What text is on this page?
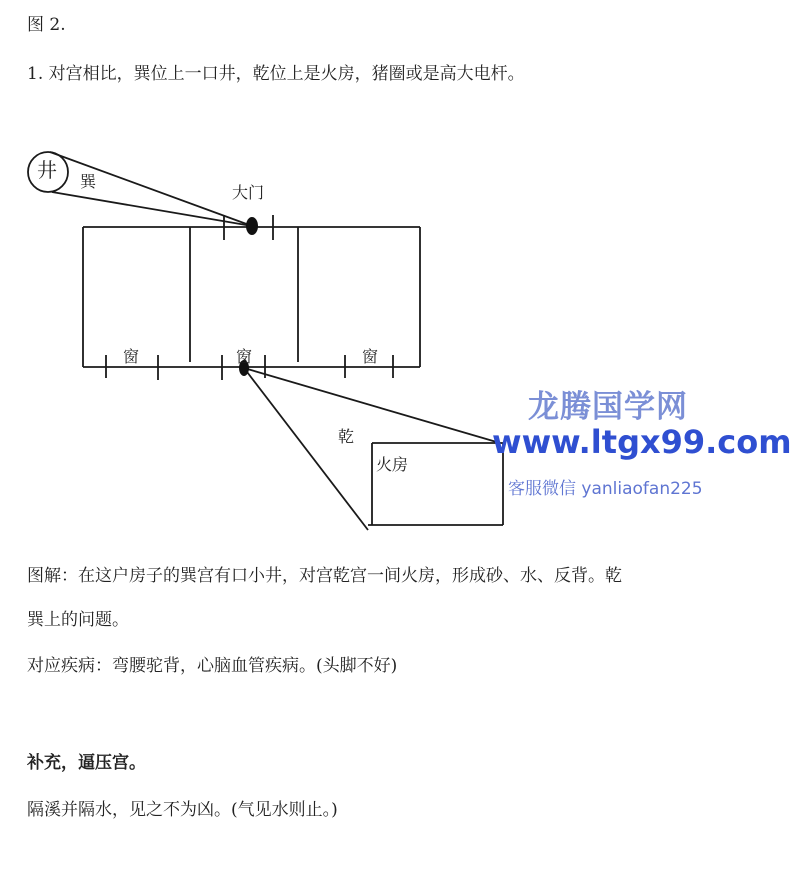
图 2.
1. 对宫相比，巽位上一口井，乾位上是火房，猪圈或是高大电杆。
井 巽
大门
窗	窗	窗
乾
火房
龙腾国学网
www.ltgx99.com
客服微信 yanliaofan225
图解：在这户房子的巽宫有口小井，对宫乾宫一间火房，形成砂、水、反背。乾
巽上的问题。
对应疾病：弯腰驼背，心脑血管疾病。(头脚不好)
补充，逼压宫。
隔溪并隔水，见之不为凶。(气见水则止。)
